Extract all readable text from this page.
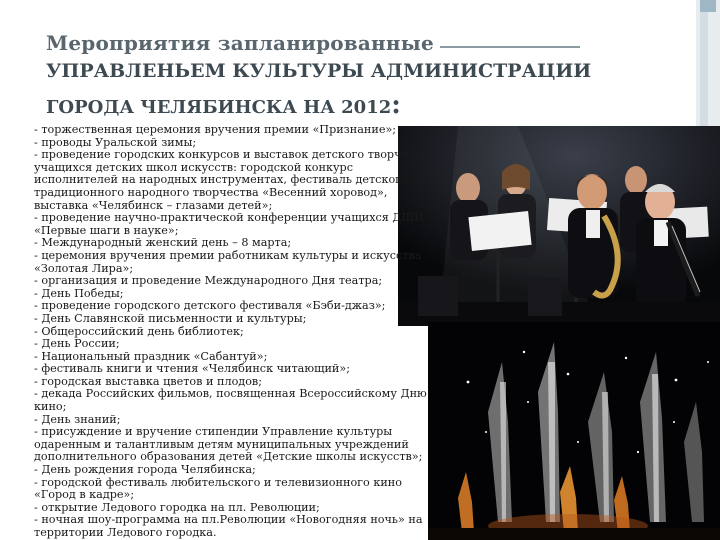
Мероприятия запланированные
УПРАВЛЕНЬЕМ КУЛЬТУРЫ АДМИНИСТРАЦИИ
ГОРОДА ЧЕЛЯБИНСКА НА 2012:
- торжественная церемония вручения премии «Признание»;
- проводы Уральской зимы;
- проведение городских конкурсов и выставок детского творчест
учащихся детских школ искусств: городской конкурс
исполнителей на народных инструментах, фестиваль детского
традиционного народного творчества «Весенний хоровод»,
выставка «Челябинск – глазами детей»;
- проведение научно-практической конференции учащихся ДШИ
«Первые шаги в науке»;
- Международный женский день – 8 марта;
- церемония вручения премии работникам культуры и искусства
«Золотая Лира»;
- организация и проведение Международного Дня театра;
- День Победы;
- проведение городского детского фестиваля «Бэби-джаз»;
- День Славянской письменности и культуры;
- Общероссийский день библиотек;
- День России;
- Национальный праздник «Сабантуй»;
- фестиваль книги и чтения «Челябинск читающий»;
- городская выставка цветов и плодов;
- декада Российских фильмов, посвященная Всероссийскому Дню
кино;
- День знаний;
- присуждение и вручение стипендии Управление культуры
одаренным и талантливым детям муниципальных учреждений
дополнительного образования детей «Детские школы искусств»;
- День рождения города Челябинска;
- городской фестиваль любительского и телевизионного кино
«Город в кадре»;
- открытие Ледового городка на пл. Революции;
- ночная шоу-программа на пл.Революции «Новогодняя ночь» на
территории Ледового городка.
